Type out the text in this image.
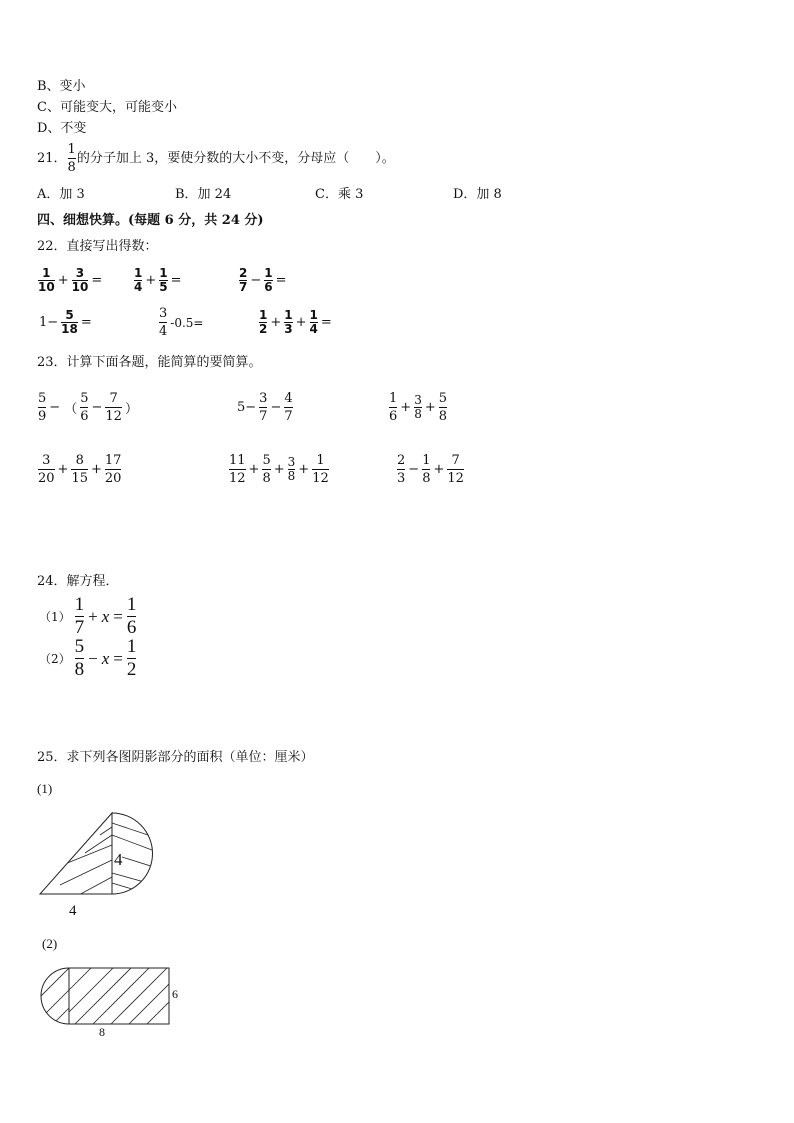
B、变小
C、可能变大，可能变小
D、不变
21． $\frac{1}{8}$ 的分子加上 3，要使分数的大小不变，分母应（　　）。
A．加 3	B．加 24	C．乘 3	D．加 8
四、细想快算。(每题 6 分，共 24 分)
22．直接写出得数：
$\frac{1}{10} + \frac{3}{10}$ =	$\frac{1}{4} + \frac{1}{5}$ =	$\frac{2}{7} - \frac{1}{6}$ =
$1- \frac{5}{18}$ =	$\frac{3}{4} -0.5=$	$\frac{1}{2} + \frac{1}{3} + \frac{1}{4}$ =
23．计算下面各题，能简算的要简算。
$\frac{5}{9}$ − （ $\frac{5}{6} - \frac{7}{12}$ ）	$5- \frac{3}{7} - \frac{4}{7}$	$\frac{1}{6} + \frac{3}{8} + \frac{5}{8}$
$\frac{3}{20} + \frac{8}{15} + \frac{17}{20}$	$\frac{11}{12} + \frac{5}{8} + \frac{3}{8} + \frac{1}{12}$	$\frac{2}{3} - \frac{1}{8} + \frac{7}{12}$
24．解方程．
$(1) \frac{1}{7} + x = \frac{1}{6}$
$(2) \frac{5}{8} - x = \frac{1}{2}$
25．求下列各图阴影部分的面积（单位：厘米）
(1)
4
4
(2)
6
8
